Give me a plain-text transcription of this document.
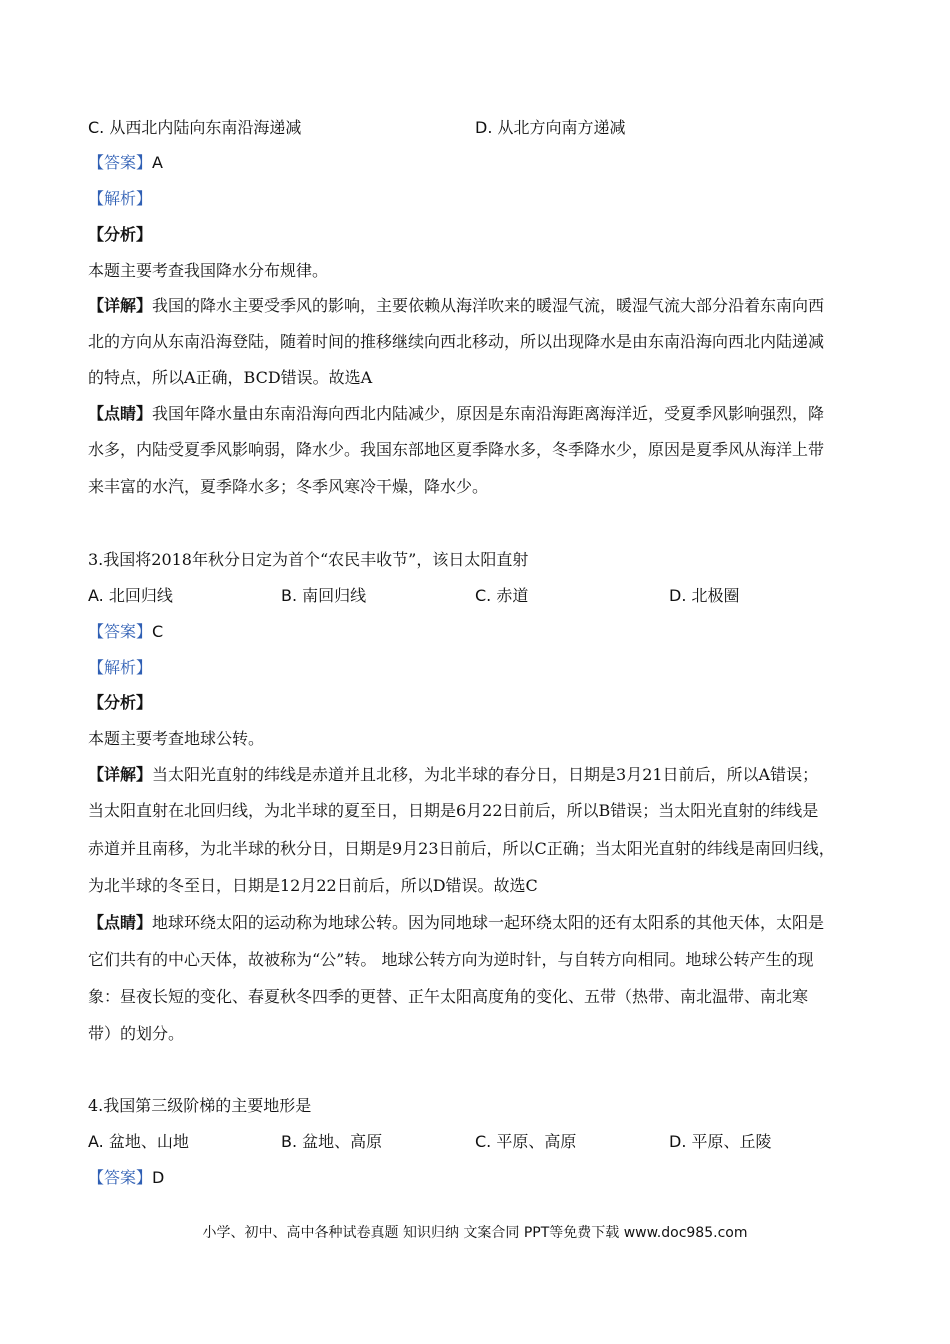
C. 从西北内陆向东南沿海递减	D. 从北方向南方递减
【答案】A
【解析】
【分析】
本题主要考查我国降水分布规律。
【详解】我国的降水主要受季风的影响，主要依赖从海洋吹来的暖湿气流，暖湿气流大部分沿着东南向西
北的方向从东南沿海登陆，随着时间的推移继续向西北移动，所以出现降水是由东南沿海向西北内陆递减
的特点，所以A正确，BCD错误。故选A
【点睛】我国年降水量由东南沿海向西北内陆减少，原因是东南沿海距离海洋近，受夏季风影响强烈，降
水多，内陆受夏季风影响弱，降水少。我国东部地区夏季降水多，冬季降水少，原因是夏季风从海洋上带
来丰富的水汽，夏季降水多；冬季风寒冷干燥，降水少。
3.我国将2018年秋分日定为首个“农民丰收节”，该日太阳直射
A. 北回归线	B. 南回归线	C. 赤道	D. 北极圈
【答案】C
【解析】
【分析】
本题主要考查地球公转。
【详解】当太阳光直射的纬线是赤道并且北移，为北半球的春分日，日期是3月21日前后，所以A错误；
当太阳直射在北回归线，为北半球的夏至日，日期是6月22日前后，所以B错误；当太阳光直射的纬线是
赤道并且南移，为北半球的秋分日，日期是9月23日前后，所以C正确；当太阳光直射的纬线是南回归线，
为北半球的冬至日，日期是12月22日前后，所以D错误。故选C
【点睛】地球环绕太阳的运动称为地球公转。因为同地球一起环绕太阳的还有太阳系的其他天体，太阳是
它们共有的中心天体，故被称为“公”转。 地球公转方向为逆时针，与自转方向相同。地球公转产生的现
象：昼夜长短的变化、春夏秋冬四季的更替、正午太阳高度角的变化、五带（热带、南北温带、南北寒
带）的划分。
4.我国第三级阶梯的主要地形是
A. 盆地、山地	B. 盆地、高原	C. 平原、高原	D. 平原、丘陵
【答案】D
小学、初中、高中各种试卷真题 知识归纳 文案合同 PPT等免费下载 www.doc985.com
